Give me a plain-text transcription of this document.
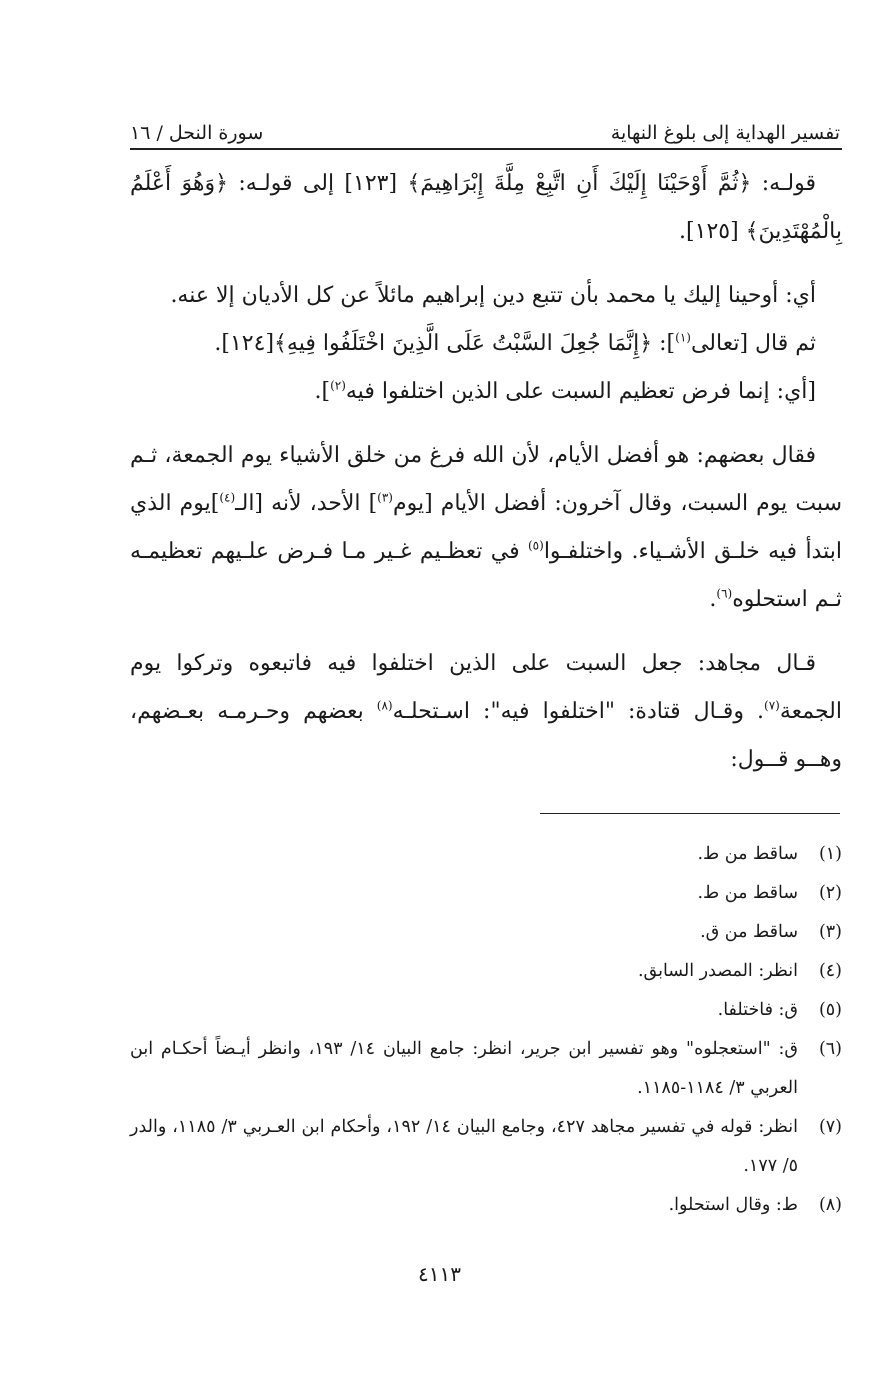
تفسير الهداية إلى بلوغ النهاية
سورة النحل / ١٦

قولـه: ﴿ثُمَّ أَوْحَيْنَا إِلَيْكَ أَنِ اتَّبِعْ مِلَّةَ إِبْرَاهِيمَ﴾ [١٢٣] إلى قولـه: ﴿وَهُوَ أَعْلَمُ بِالْمُهْتَدِينَ﴾ [١٢٥].

أي: أوحينا إليك يا محمد بأن تتبع دين إبراهيم مائلاً عن كل الأديان إلا عنه.

ثم قال [تعالى$^{(١)}$]: ﴿إِنَّمَا جُعِلَ السَّبْتُ عَلَى الَّذِينَ اخْتَلَفُوا فِيهِ﴾[١٢٤].

[أي: إنما فرض تعظيم السبت على الذين اختلفوا فيه$^{(٢)}$].

فقال بعضهم: هو أفضل الأيام، لأن الله فرغ من خلق الأشياء يوم الجمعة، ثـم سبت يوم السبت، وقال آخرون: أفضل الأيام [يوم$^{(٣)}$] الأحد، لأنه [الـ$^{(٤)}$]يوم الذي ابتدأ فيه خلـق الأشـياء. واختلفـوا$^{(٥)}$ في تعظـيم غـير مـا فـرض علـيهم تعظيمـه ثـم استحلوه$^{(٦)}$.

قـال مجاهد: جعل السبت على الذين اختلفوا فيه فاتبعوه وتركوا يوم الجمعة$^{(٧)}$. وقـال قتادة: "اختلفوا فيه": اسـتحلـه$^{(٨)}$ بعضهم وحـرمـه بعـضهم، وهــو قــول:

(١)
ساقط من ط.
(٢)
ساقط من ط.
(٣)
ساقط من ق.
(٤)
انظر: المصدر السابق.
(٥)
ق: فاختلفا.
(٦)
ق: "استعجلوه" وهو تفسير ابن جرير، انظر: جامع البيان ١٤/ ١٩٣، وانظر أيـضاً أحكـام ابن العربي ٣/ ١١٨٤-١١٨٥.
(٧)
انظر: قوله في تفسير مجاهد ٤٢٧، وجامع البيان ١٤/ ١٩٢، وأحكام ابن العـربي ٣/ ١١٨٥، والدر ٥/ ١٧٧.
(٨)
ط: وقال استحلوا.
٤١١٣
